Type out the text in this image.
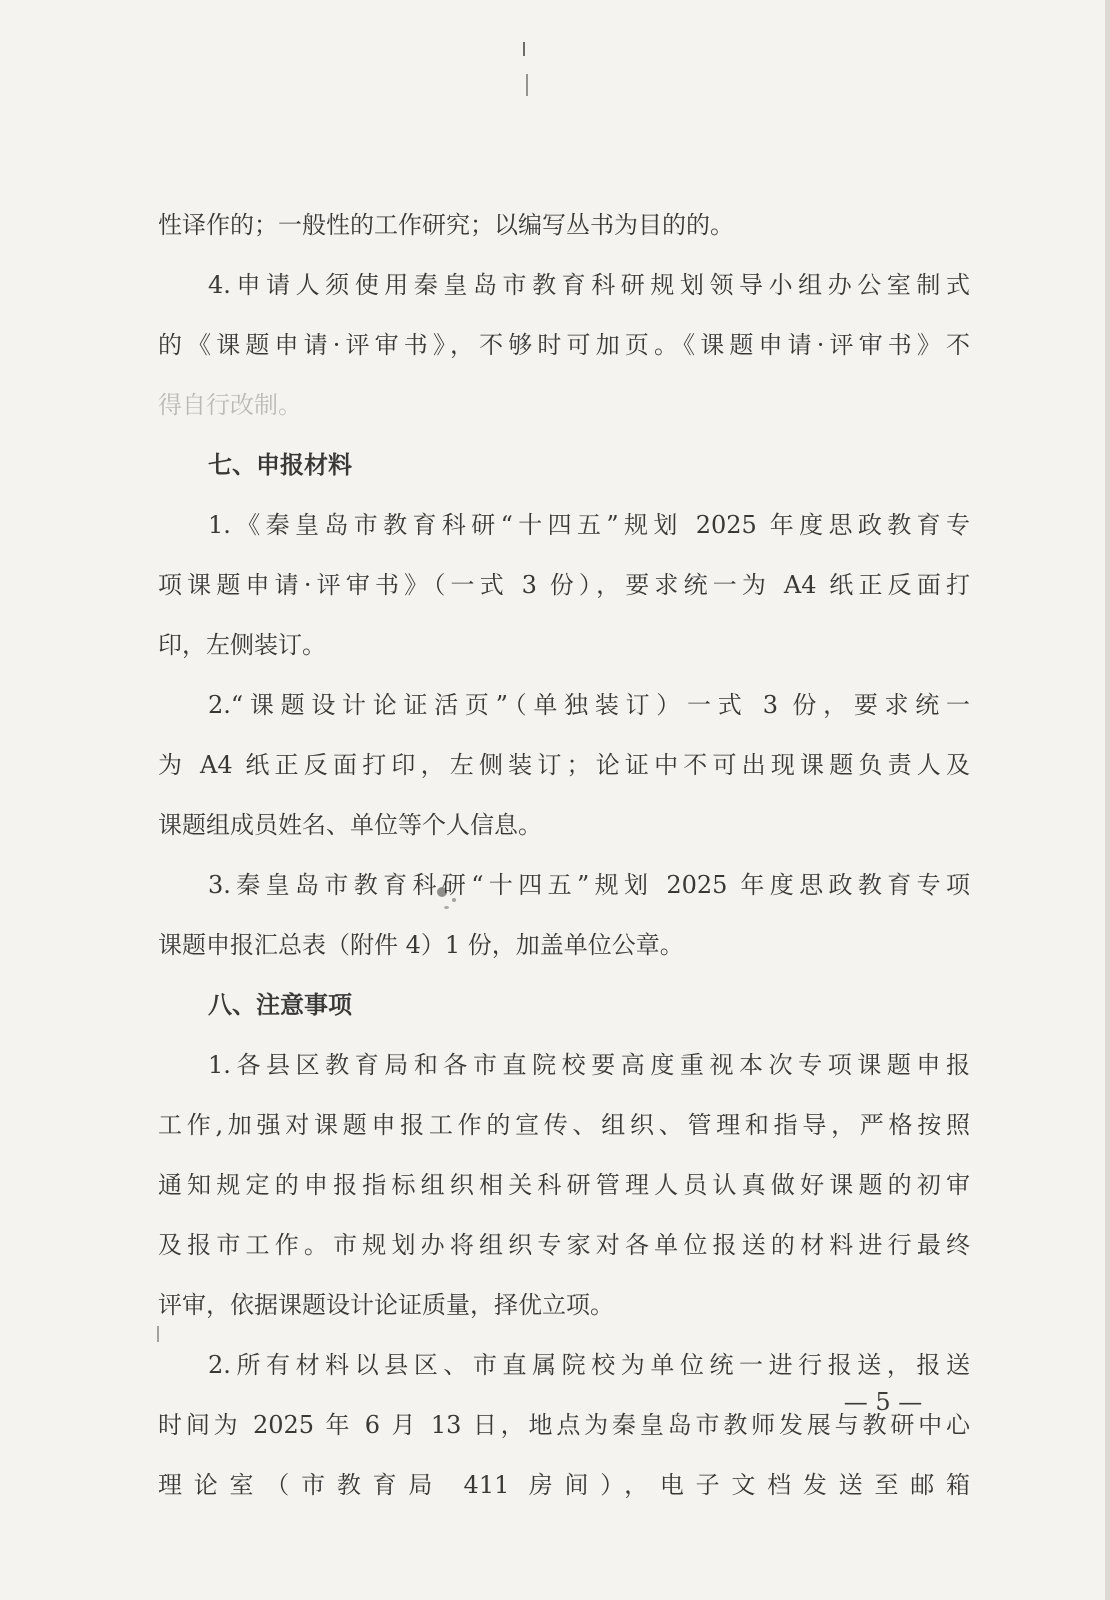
性译作的；一般性的工作研究；以编写丛书为目的的。
4.申请人须使用秦皇岛市教育科研规划领导小组办公室制式
的《课题申请·评审书》，不够时可加页。《课题申请·评审书》不
得自行改制。
七、申报材料
1.《秦皇岛市教育科研“十四五”规划 2025 年度思政教育专
项课题申请·评审书》（一式 3 份），要求统一为 A4 纸正反面打
印，左侧装订。
2.“课题设计论证活页”（单独装订）一式 3 份，要求统一
为 A4 纸正反面打印，左侧装订；论证中不可出现课题负责人及
课题组成员姓名、单位等个人信息。
3.秦皇岛市教育科研“十四五”规划 2025 年度思政教育专项
课题申报汇总表（附件 4）1 份，加盖单位公章。
八、注意事项
1.各县区教育局和各市直院校要高度重视本次专项课题申报
工作,加强对课题申报工作的宣传、组织、管理和指导，严格按照
通知规定的申报指标组织相关科研管理人员认真做好课题的初审
及报市工作。市规划办将组织专家对各单位报送的材料进行最终
评审，依据课题设计论证质量，择优立项。
2.所有材料以县区、市直属院校为单位统一进行报送，报送
时间为 2025 年 6 月 13 日，地点为秦皇岛市教师发展与教研中心
理论室（市教育局 411 房间），电子文档发送至邮箱
— 5 —
